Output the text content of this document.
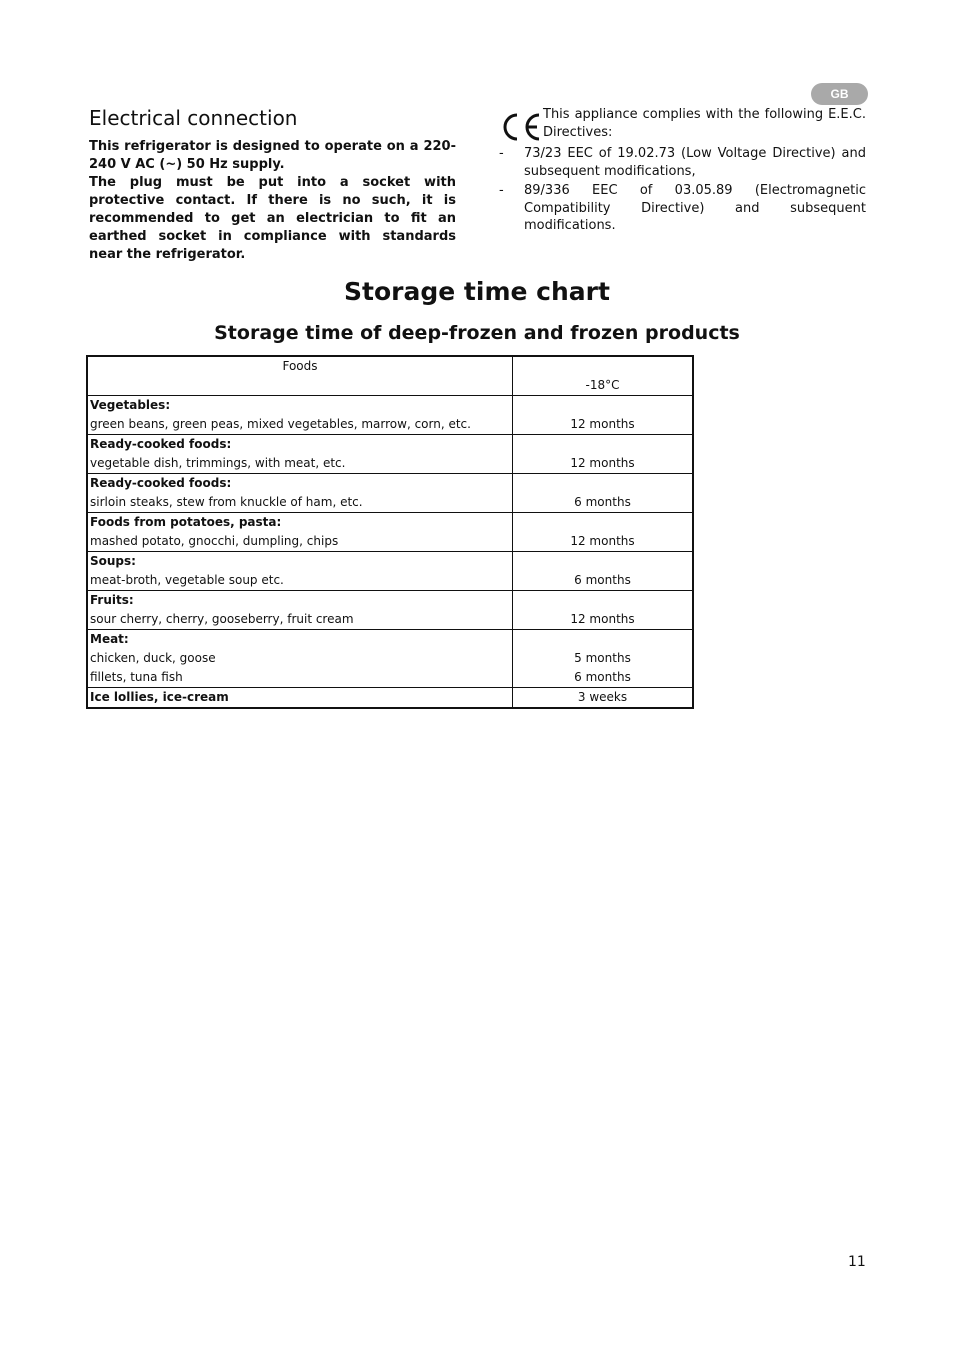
GB
Electrical connection

This refrigerator is designed to operate on a 220-240 V AC (~) 50 Hz supply.

The plug must be put into a socket with protective contact. If there is no such, it is recommended to get an electrician to fit an earthed socket in compliance with standards near the refrigerator.

This appliance complies with the following E.E.C. Directives:

- 73/23 EEC of 19.02.73 (Low Voltage Directive) and subsequent modifications,
- 89/336 EEC of 03.05.89 (Electromagnetic Compatibility Directive) and subsequent modifications.
Storage time chart
Storage time of deep-frozen and frozen products
Foods	
	-18°C
Vegetables:	
green beans, green peas, mixed vegetables, marrow, corn, etc.	12 months
Ready-cooked foods:	
vegetable dish, trimmings, with meat, etc.	12 months
Ready-cooked foods:	
sirloin steaks, stew from knuckle of ham, etc.	6 months
Foods from potatoes, pasta:	
mashed potato, gnocchi, dumpling, chips	12 months
Soups:	
meat-broth, vegetable soup etc.	6 months
Fruits:	
sour cherry, cherry, gooseberry, fruit cream	12 months
Meat:	
chicken, duck, goose	5 months
fillets, tuna fish	6 months
Ice lollies, ice-cream	3 weeks
11
